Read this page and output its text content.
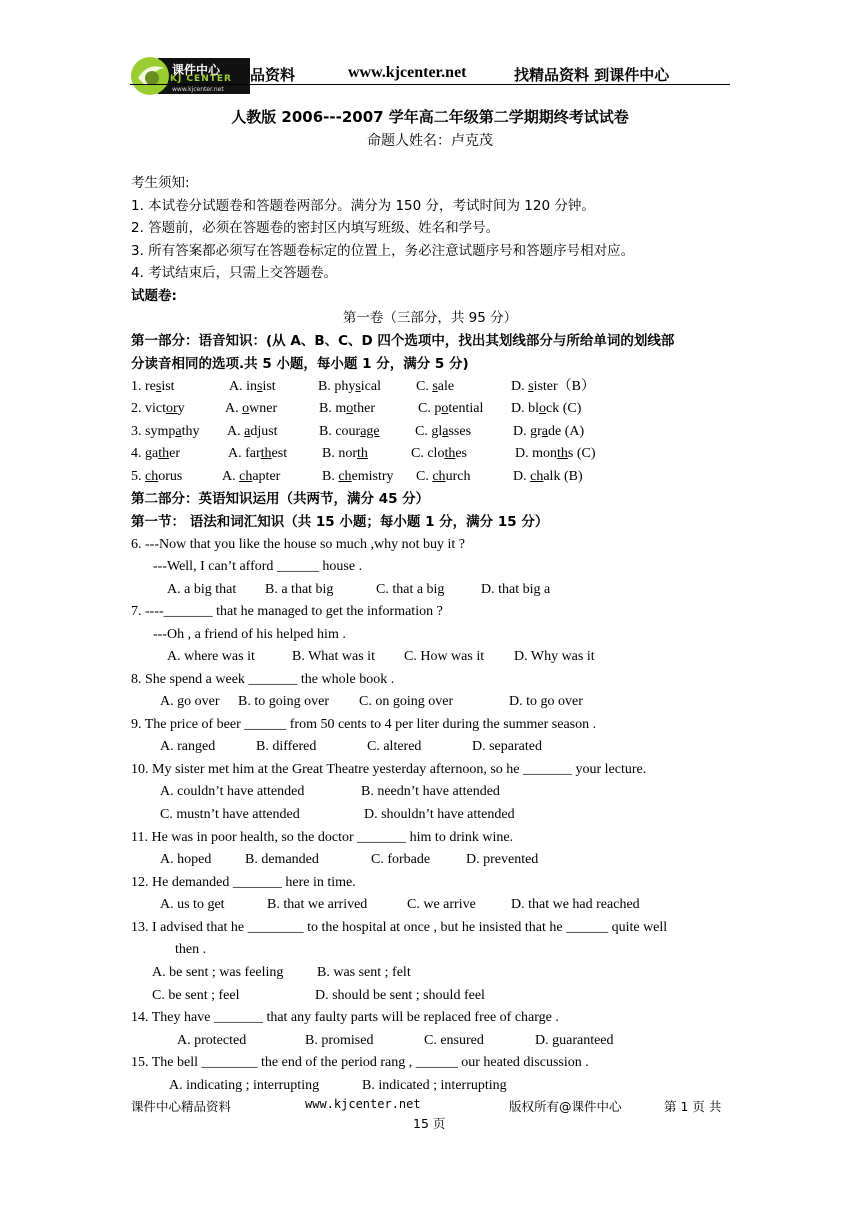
课件中心
KJ CENTER
www.kjcenter.net
品资料	www.kjcenter.net	找精品资料 到课件中心
人教版 2006---2007 学年高二年级第二学期期终考试试卷
命题人姓名：卢克茂
考生须知:
1. 本试卷分试题卷和答题卷两部分。满分为 150 分，考试时间为 120 分钟。
2. 答题前，必须在答题卷的密封区内填写班级、姓名和学号。
3. 所有答案都必须写在答题卷标定的位置上，务必注意试题序号和答题序号相对应。
4. 考试结束后，只需上交答题卷。
试题卷:
第一卷（三部分，共 95 分）
第一部分：语音知识：(从 A、B、C、D 四个选项中，找出其划线部分与所给单词的划线部
分读音相同的选项.共 5 小题，每小题 1 分，满分 5 分)
1. resist	A. insist	B. physical C. sale	D. sister（B）
2. victory	A. owner	B. mother	C. potential D. block (C)
3. sympathy A. adjust	B. courage	C. glasses	D. grade (A)
4. gather	A. farthest B. north	C. clothes	D. months (C)
5. chorus	A. chapter	B. chemistry C. church	D. chalk (B)
第二部分：英语知识运用（共两节，满分 45 分）
第一节： 语法和词汇知识（共 15 小题；每小题 1 分，满分 15 分）
6. ---Now that you like the house so much ,why not buy it ?
---Well, I can’t afford ______ house .
A. a big that B. a that big	C. that a big	D. that big a
7. ----_______ that he managed to get the information ?
---Oh , a friend of his helped him .
A. where was it	B. What was it C. How was it D. Why was it
8. She spend a week _______ the whole book .
A. go over B. to going over C. on going over	D. to go over
9. The price of beer ______ from 50 cents to 4 per liter during the summer season .
A. ranged	B. differed	C. altered	D. separated
10. My sister met him at the Great Theatre yesterday afternoon, so he _______ your lecture.
A. couldn’t have attended	B. needn’t have attended
C. mustn’t have attended	D. shouldn’t have attended
11. He was in poor health, so the doctor _______ him to drink wine.
A. hoped B. demanded	C. forbade	D. prevented
12. He demanded _______ here in time.
A. us to get	B. that we arrived	C. we arrive	D. that we had reached
13. I advised that he ________ to the hospital at once , but he insisted that he ______ quite well
then .
A. be sent ; was feeling B. was sent ; felt
C. be sent ; feel	D. should be sent ; should feel
14. They have _______ that any faulty parts will be replaced free of charge .
A. protected	B. promised	C. ensured	D. guaranteed
15. The bell ________ the end of the period rang , ______ our heated discussion .
A. indicating ; interrupting	B. indicated ; interrupting
课件中心精品资料	www.kjcenter.net	版权所有@课件中心	第 1 页 共
15 页
